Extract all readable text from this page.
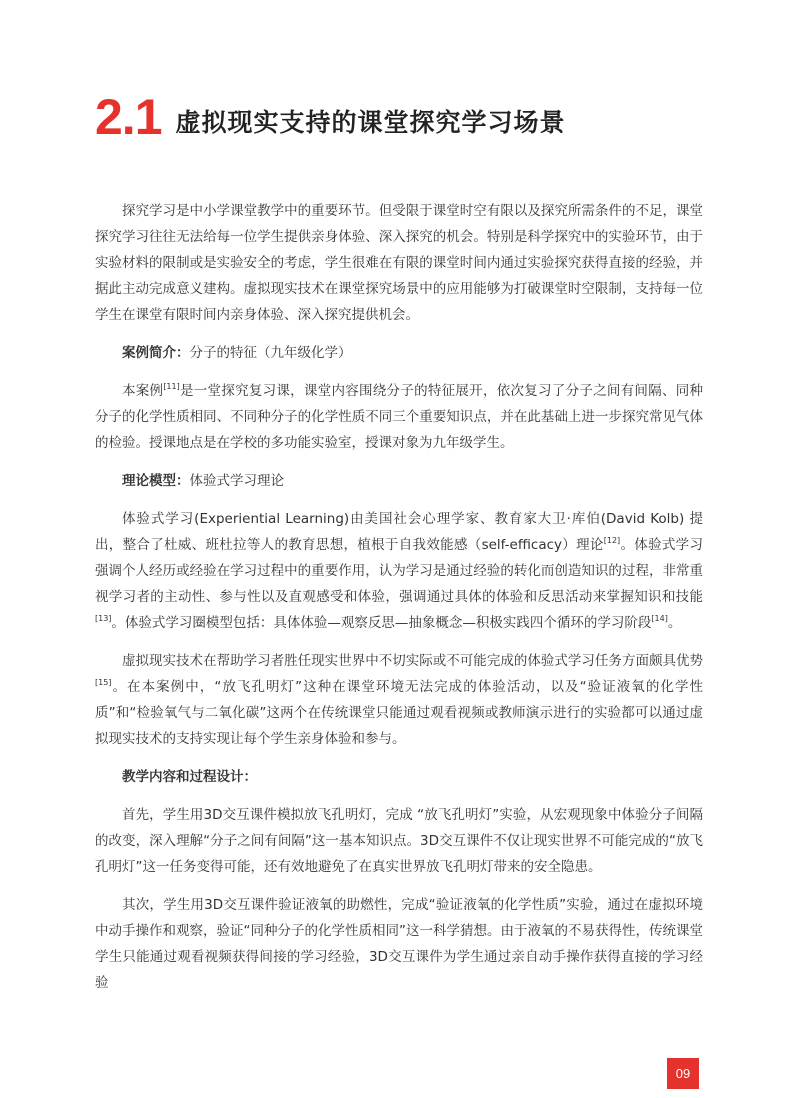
2.1 虚拟现实支持的课堂探究学习场景

探究学习是中小学课堂教学中的重要环节。但受限于课堂时空有限以及探究所需条件的不足，课堂探究学习往往无法给每一位学生提供亲身体验、深入探究的机会。特别是科学探究中的实验环节，由于实验材料的限制或是实验安全的考虑，学生很难在有限的课堂时间内通过实验探究获得直接的经验，并据此主动完成意义建构。虚拟现实技术在课堂探究场景中的应用能够为打破课堂时空限制，支持每一位学生在课堂有限时间内亲身体验、深入探究提供机会。

案例简介：分子的特征（九年级化学）

本案例[11]是一堂探究复习课，课堂内容围绕分子的特征展开，依次复习了分子之间有间隔、同种分子的化学性质相同、不同种分子的化学性质不同三个重要知识点，并在此基础上进一步探究常见气体的检验。授课地点是在学校的多功能实验室，授课对象为九年级学生。

理论模型：体验式学习理论

体验式学习(Experiential Learning)由美国社会心理学家、教育家大卫·库伯(David Kolb) 提出，整合了杜威、班杜拉等人的教育思想，植根于自我效能感（self-efficacy）理论[12]。体验式学习强调个人经历或经验在学习过程中的重要作用，认为学习是通过经验的转化而创造知识的过程，非常重视学习者的主动性、参与性以及直观感受和体验，强调通过具体的体验和反思活动来掌握知识和技能[13]。体验式学习圈模型包括：具体体验—观察反思—抽象概念—积极实践四个循环的学习阶段[14]。

虚拟现实技术在帮助学习者胜任现实世界中不切实际或不可能完成的体验式学习任务方面颇具优势[15]。在本案例中，“放飞孔明灯”这种在课堂环境无法完成的体验活动，以及“验证液氧的化学性质”和“检验氧气与二氧化碳”这两个在传统课堂只能通过观看视频或教师演示进行的实验都可以通过虚拟现实技术的支持实现让每个学生亲身体验和参与。

教学内容和过程设计：

首先，学生用3D交互课件模拟放飞孔明灯，完成 “放飞孔明灯”实验，从宏观现象中体验分子间隔的改变，深入理解“分子之间有间隔”这一基本知识点。3D交互课件不仅让现实世界不可能完成的“放飞孔明灯”这一任务变得可能，还有效地避免了在真实世界放飞孔明灯带来的安全隐患。

其次，学生用3D交互课件验证液氧的助燃性，完成“验证液氧的化学性质”实验，通过在虚拟环境中动手操作和观察，验证“同种分子的化学性质相同”这一科学猜想。由于液氧的不易获得性，传统课堂学生只能通过观看视频获得间接的学习经验，3D交互课件为学生通过亲自动手操作获得直接的学习经验

09
